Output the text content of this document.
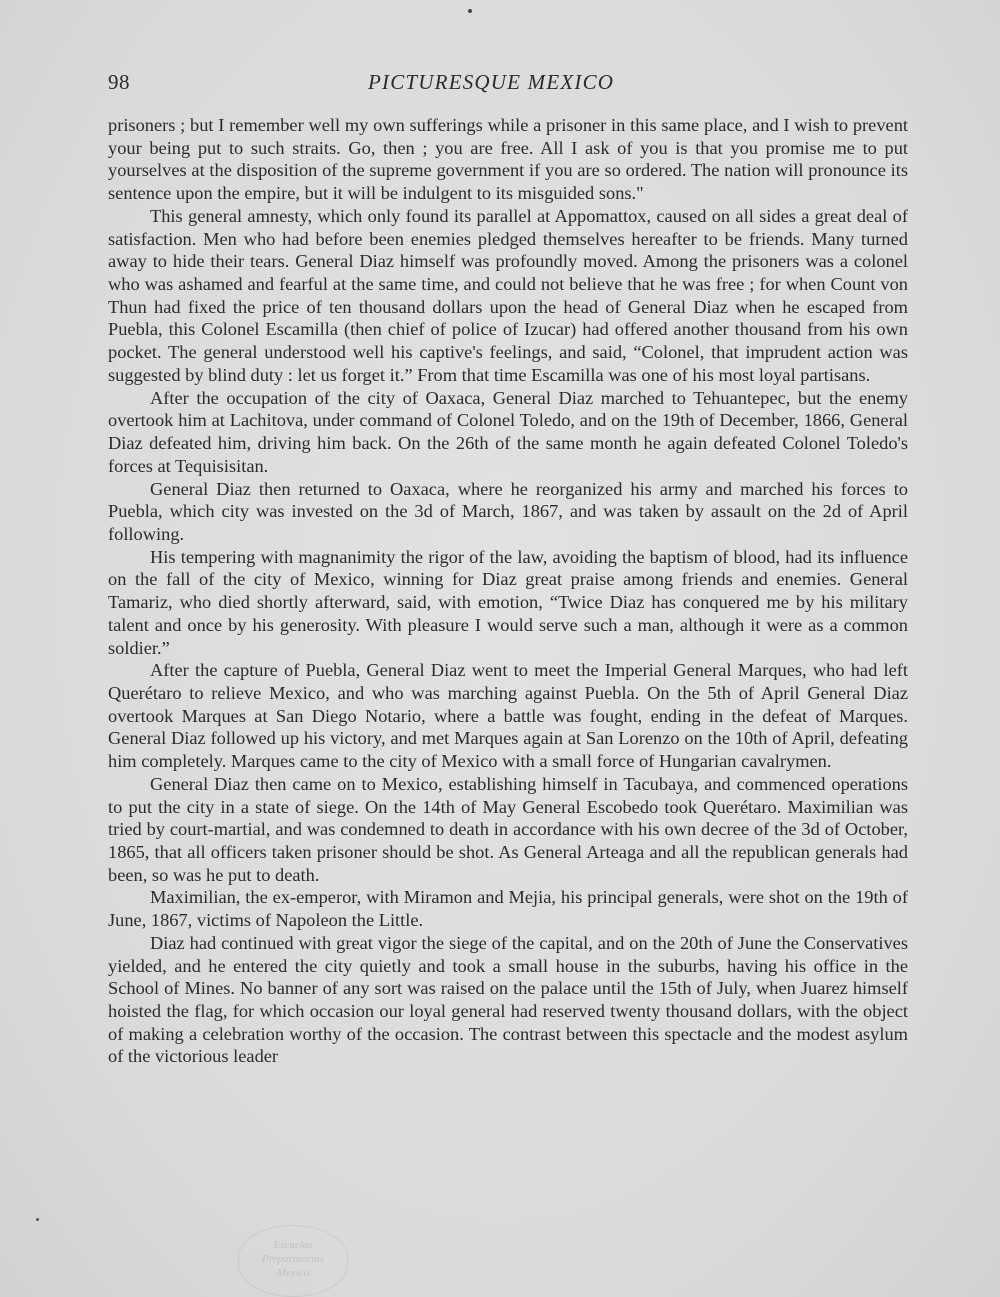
98	PICTURESQUE MEXICO

prisoners ; but I remember well my own sufferings while a prisoner in this same place, and I wish to prevent your being put to such straits. Go, then ; you are free. All I ask of you is that you promise me to put yourselves at the disposition of the supreme government if you are so ordered. The nation will pronounce its sentence upon the empire, but it will be indulgent to its misguided sons."

This general amnesty, which only found its parallel at Appomattox, caused on all sides a great deal of satisfaction. Men who had before been enemies pledged themselves hereafter to be friends. Many turned away to hide their tears. General Diaz himself was profoundly moved. Among the prisoners was a colonel who was ashamed and fearful at the same time, and could not believe that he was free ; for when Count von Thun had fixed the price of ten thousand dollars upon the head of General Diaz when he escaped from Puebla, this Colonel Escamilla (then chief of police of Izucar) had offered another thousand from his own pocket. The general understood well his captive's feelings, and said, “Colonel, that imprudent action was suggested by blind duty : let us forget it.” From that time Escamilla was one of his most loyal partisans.

After the occupation of the city of Oaxaca, General Diaz marched to Tehuantepec, but the enemy overtook him at Lachitova, under command of Colonel Toledo, and on the 19th of December, 1866, General Diaz defeated him, driving him back. On the 26th of the same month he again defeated Colonel Toledo's forces at Tequisisitan.

General Diaz then returned to Oaxaca, where he reorganized his army and marched his forces to Puebla, which city was invested on the 3d of March, 1867, and was taken by assault on the 2d of April following.

His tempering with magnanimity the rigor of the law, avoiding the baptism of blood, had its influence on the fall of the city of Mexico, winning for Diaz great praise among friends and enemies. General Tamariz, who died shortly afterward, said, with emotion, “Twice Diaz has conquered me by his military talent and once by his generosity. With pleasure I would serve such a man, although it were as a common soldier.”

After the capture of Puebla, General Diaz went to meet the Imperial General Marques, who had left Querétaro to relieve Mexico, and who was marching against Puebla. On the 5th of April General Diaz overtook Marques at San Diego Notario, where a battle was fought, ending in the defeat of Marques. General Diaz followed up his victory, and met Marques again at San Lorenzo on the 10th of April, defeating him completely. Marques came to the city of Mexico with a small force of Hungarian cavalrymen.

General Diaz then came on to Mexico, establishing himself in Tacubaya, and commenced operations to put the city in a state of siege. On the 14th of May General Escobedo took Querétaro. Maximilian was tried by court-martial, and was condemned to death in accordance with his own decree of the 3d of October, 1865, that all officers taken prisoner should be shot. As General Arteaga and all the republican generals had been, so was he put to death.

Maximilian, the ex-emperor, with Miramon and Mejia, his principal generals, were shot on the 19th of June, 1867, victims of Napoleon the Little.

Diaz had continued with great vigor the siege of the capital, and on the 20th of June the Conservatives yielded, and he entered the city quietly and took a small house in the suburbs, having his office in the School of Mines. No banner of any sort was raised on the palace until the 15th of July, when Juarez himself hoisted the flag, for which occasion our loyal general had reserved twenty thousand dollars, with the object of making a celebration worthy of the occasion. The contrast between this spectacle and the modest asylum of the victorious leader

Escuelas
Preparatorias
Mexico
